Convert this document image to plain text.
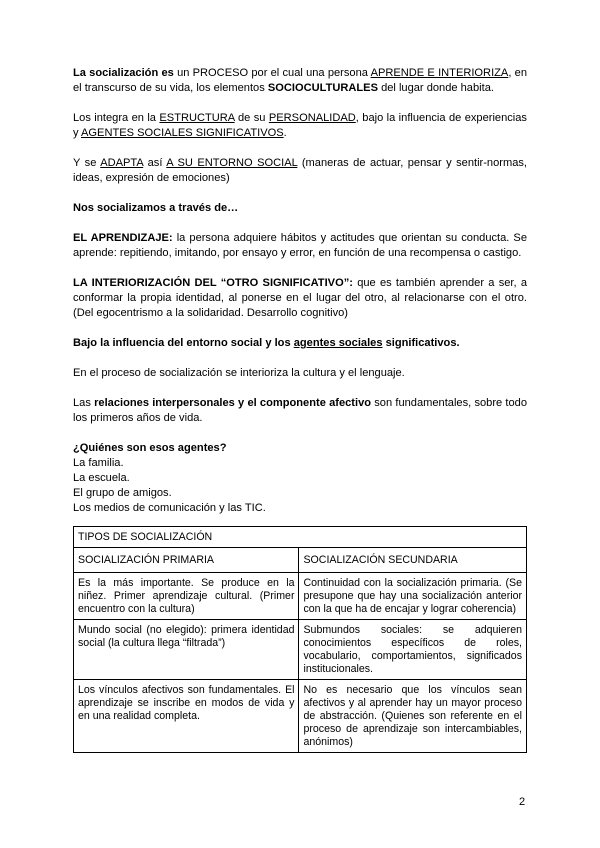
La socialización es un PROCESO por el cual una persona APRENDE E INTERIORIZA, en el transcurso de su vida, los elementos SOCIOCULTURALES del lugar donde habita.

Los integra en la ESTRUCTURA de su PERSONALIDAD, bajo la influencia de experiencias y AGENTES SOCIALES SIGNIFICATIVOS.

Y se ADAPTA así A SU ENTORNO SOCIAL (maneras de actuar, pensar y sentir-normas, ideas, expresión de emociones)

Nos socializamos a través de…

EL APRENDIZAJE: la persona adquiere hábitos y actitudes que orientan su conducta. Se aprende: repitiendo, imitando, por ensayo y error, en función de una recompensa o castigo.

LA INTERIORIZACIÓN DEL “OTRO SIGNIFICATIVO”: que es también aprender a ser, a conformar la propia identidad, al ponerse en el lugar del otro, al relacionarse con el otro. (Del egocentrismo a la solidaridad. Desarrollo cognitivo)

Bajo la influencia del entorno social y los agentes sociales significativos.

En el proceso de socialización se interioriza la cultura y el lenguaje.

Las relaciones interpersonales y el componente afectivo son fundamentales, sobre todo los primeros años de vida.

¿Quiénes son esos agentes?

La familia.

La escuela.

El grupo de amigos.

Los medios de comunicación y las TIC.

TIPOS DE SOCIALIZACIÓN	
SOCIALIZACIÓN PRIMARIA	SOCIALIZACIÓN SECUNDARIA
Es la más importante. Se produce en la niñez. Primer aprendizaje cultural. (Primer encuentro con la cultura)	Continuidad con la socialización primaria. (Se presupone que hay una socialización anterior con la que ha de encajar y lograr coherencia)
Mundo social (no elegido): primera identidad social (la cultura llega “filtrada”)	Submundos sociales: se adquieren conocimientos específicos de roles, vocabulario, comportamientos, significados institucionales.
Los vínculos afectivos son fundamentales. El aprendizaje se inscribe en modos de vida y en una realidad completa.	No es necesario que los vínculos sean afectivos y al aprender hay un mayor proceso de abstracción. (Quienes son referente en el proceso de aprendizaje son intercambiables, anónimos)
2
